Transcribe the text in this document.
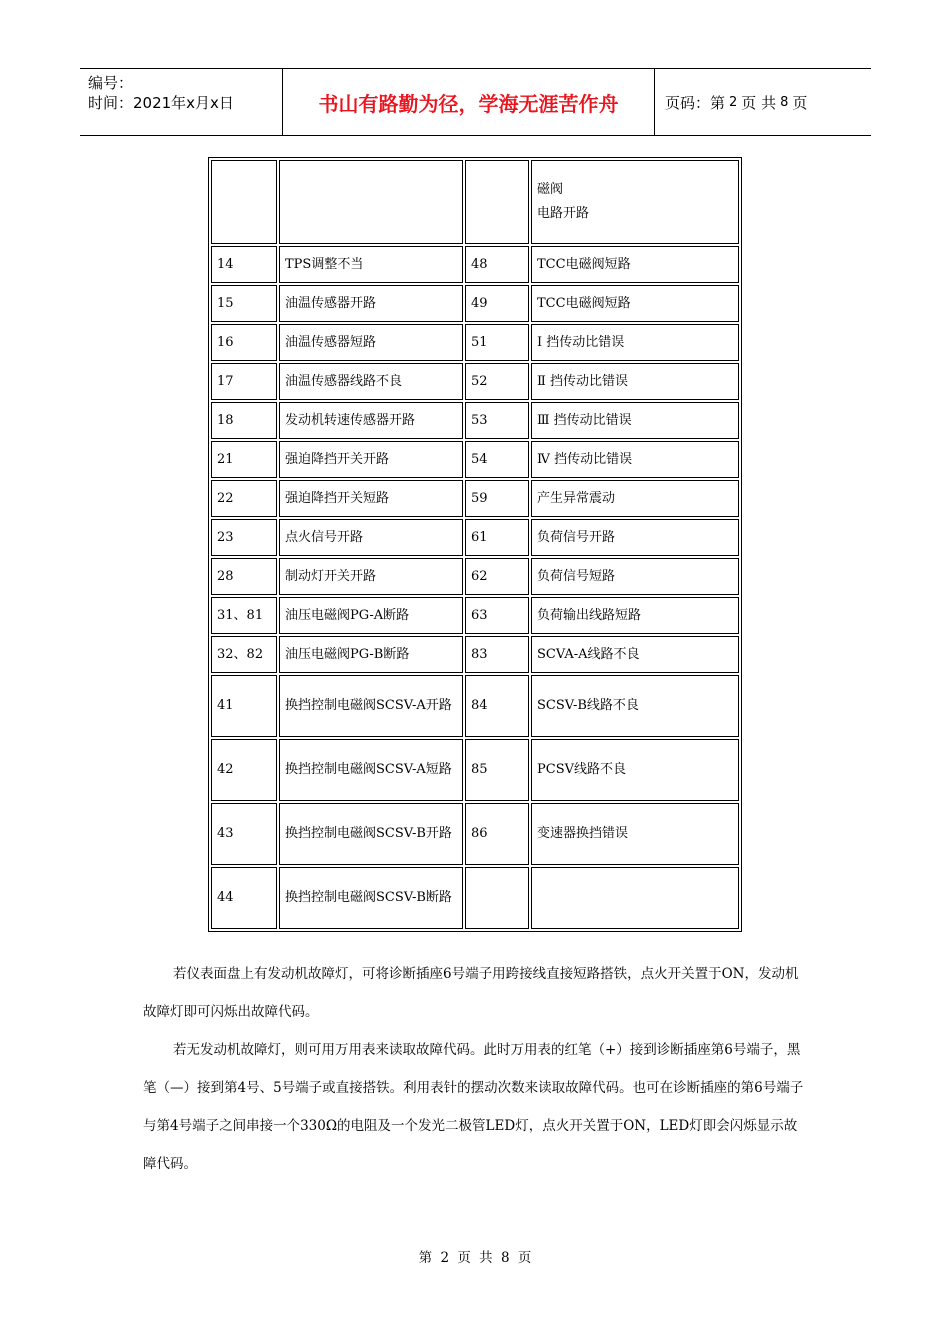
编号：
时间：2021年x月x日	书山有路勤为径，学海无涯苦作舟	页码：第 2 页 共 8 页

			磁阀
电路开路

14	TPS调整不当	48	TCC电磁阀短路
15	油温传感器开路	49	TCC电磁阀短路
16	油温传感器短路	51	Ⅰ 挡传动比错误
17	油温传感器线路不良	52	Ⅱ 挡传动比错误
18	发动机转速传感器开路	53	Ⅲ 挡传动比错误
21	强迫降挡开关开路	54	Ⅳ 挡传动比错误
22	强迫降挡开关短路	59	产生异常震动
23	点火信号开路	61	负荷信号开路
28	制动灯开关开路	62	负荷信号短路
31、81	油压电磁阀PG-A断路	63	负荷输出线路短路
32、82	油压电磁阀PG-B断路	83	SCVA-A线路不良
41	换挡控制电磁阀SCSV-A开路	84	SCSV-B线路不良
42	换挡控制电磁阀SCSV-A短路	85	PCSV线路不良
43	换挡控制电磁阀SCSV-B开路	86	变速器换挡错误
44	换挡控制电磁阀SCSV-B断路		

若仪表面盘上有发动机故障灯，可将诊断插座6号端子用跨接线直接短路搭铁，点火开关置于ON，发动机故障灯即可闪烁出故障代码。

若无发动机故障灯，则可用万用表来读取故障代码。此时万用表的红笔（+）接到诊断插座第6号端子，黑笔（—）接到第4号、5号端子或直接搭铁。利用表针的摆动次数来读取故障代码。也可在诊断插座的第6号端子与第4号端子之间串接一个330Ω的电阻及一个发光二极管LED灯，点火开关置于ON，LED灯即会闪烁显示故障代码。

第 2 页 共 8 页
